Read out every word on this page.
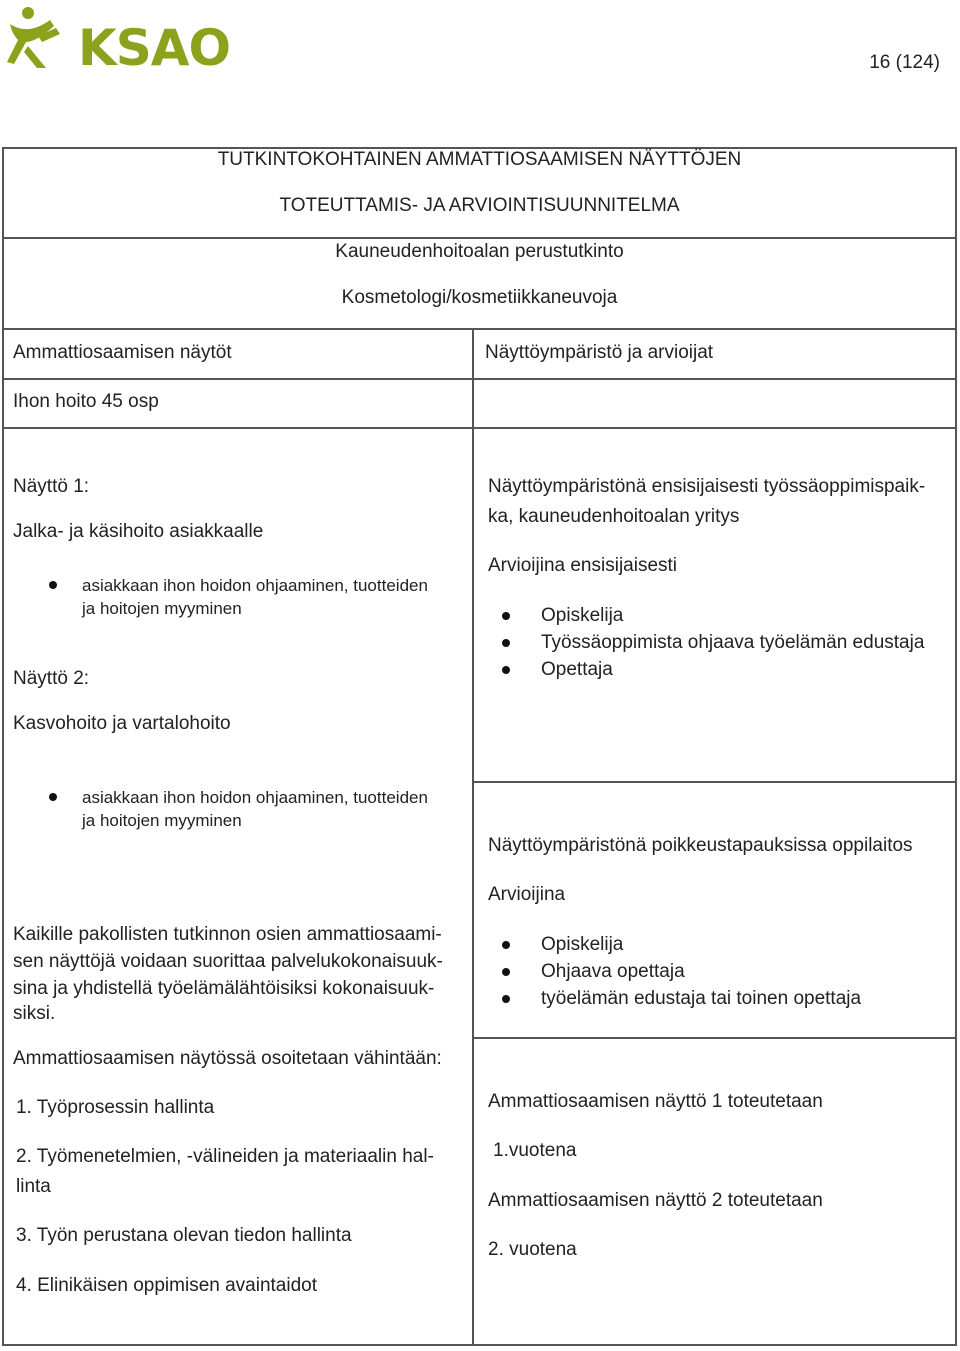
KSAO	16 (124)
TUTKINTOKOHTAINEN AMMATTIOSAAMISEN NÄYTTÖJEN
TOTEUTTAMIS- JA ARVIOINTISUUNNITELMA
Kauneudenhoitoalan perustutkinto
Kosmetologi/kosmetiikkaneuvoja
Ammattiosaamisen näytöt	Näyttöympäristö ja arvioijat
Ihon hoito 45 osp
Näyttö 1:
Jalka- ja käsihoito asiakkaalle
asiakkaan ihon hoidon ohjaaminen, tuotteiden
ja hoitojen myyminen
Näyttö 2:
Kasvohoito ja vartalohoito
asiakkaan ihon hoidon ohjaaminen, tuotteiden
ja hoitojen myyminen
Kaikille pakollisten tutkinnon osien ammattiosaami-
sen näyttöjä voidaan suorittaa palvelukokonaisuuk-
sina ja yhdistellä työelämälähtöisiksi kokonaisuuk-
siksi.
Ammattiosaamisen näytössä osoitetaan vähintään:
1. Työprosessin hallinta
2. Työmenetelmien, -välineiden ja materiaalin hal-
linta
3. Työn perustana olevan tiedon hallinta
4. Elinikäisen oppimisen avaintaidot
Näyttöympäristönä ensisijaisesti työssäoppimispaik-
ka, kauneudenhoitoalan yritys
Arvioijina ensisijaisesti
Opiskelija
Työssäoppimista ohjaava työelämän edustaja
Opettaja
Näyttöympäristönä poikkeustapauksissa oppilaitos
Arvioijina
Opiskelija
Ohjaava opettaja
työelämän edustaja tai toinen opettaja
Ammattiosaamisen näyttö 1 toteutetaan
1.vuotena
Ammattiosaamisen näyttö 2 toteutetaan
2. vuotena
